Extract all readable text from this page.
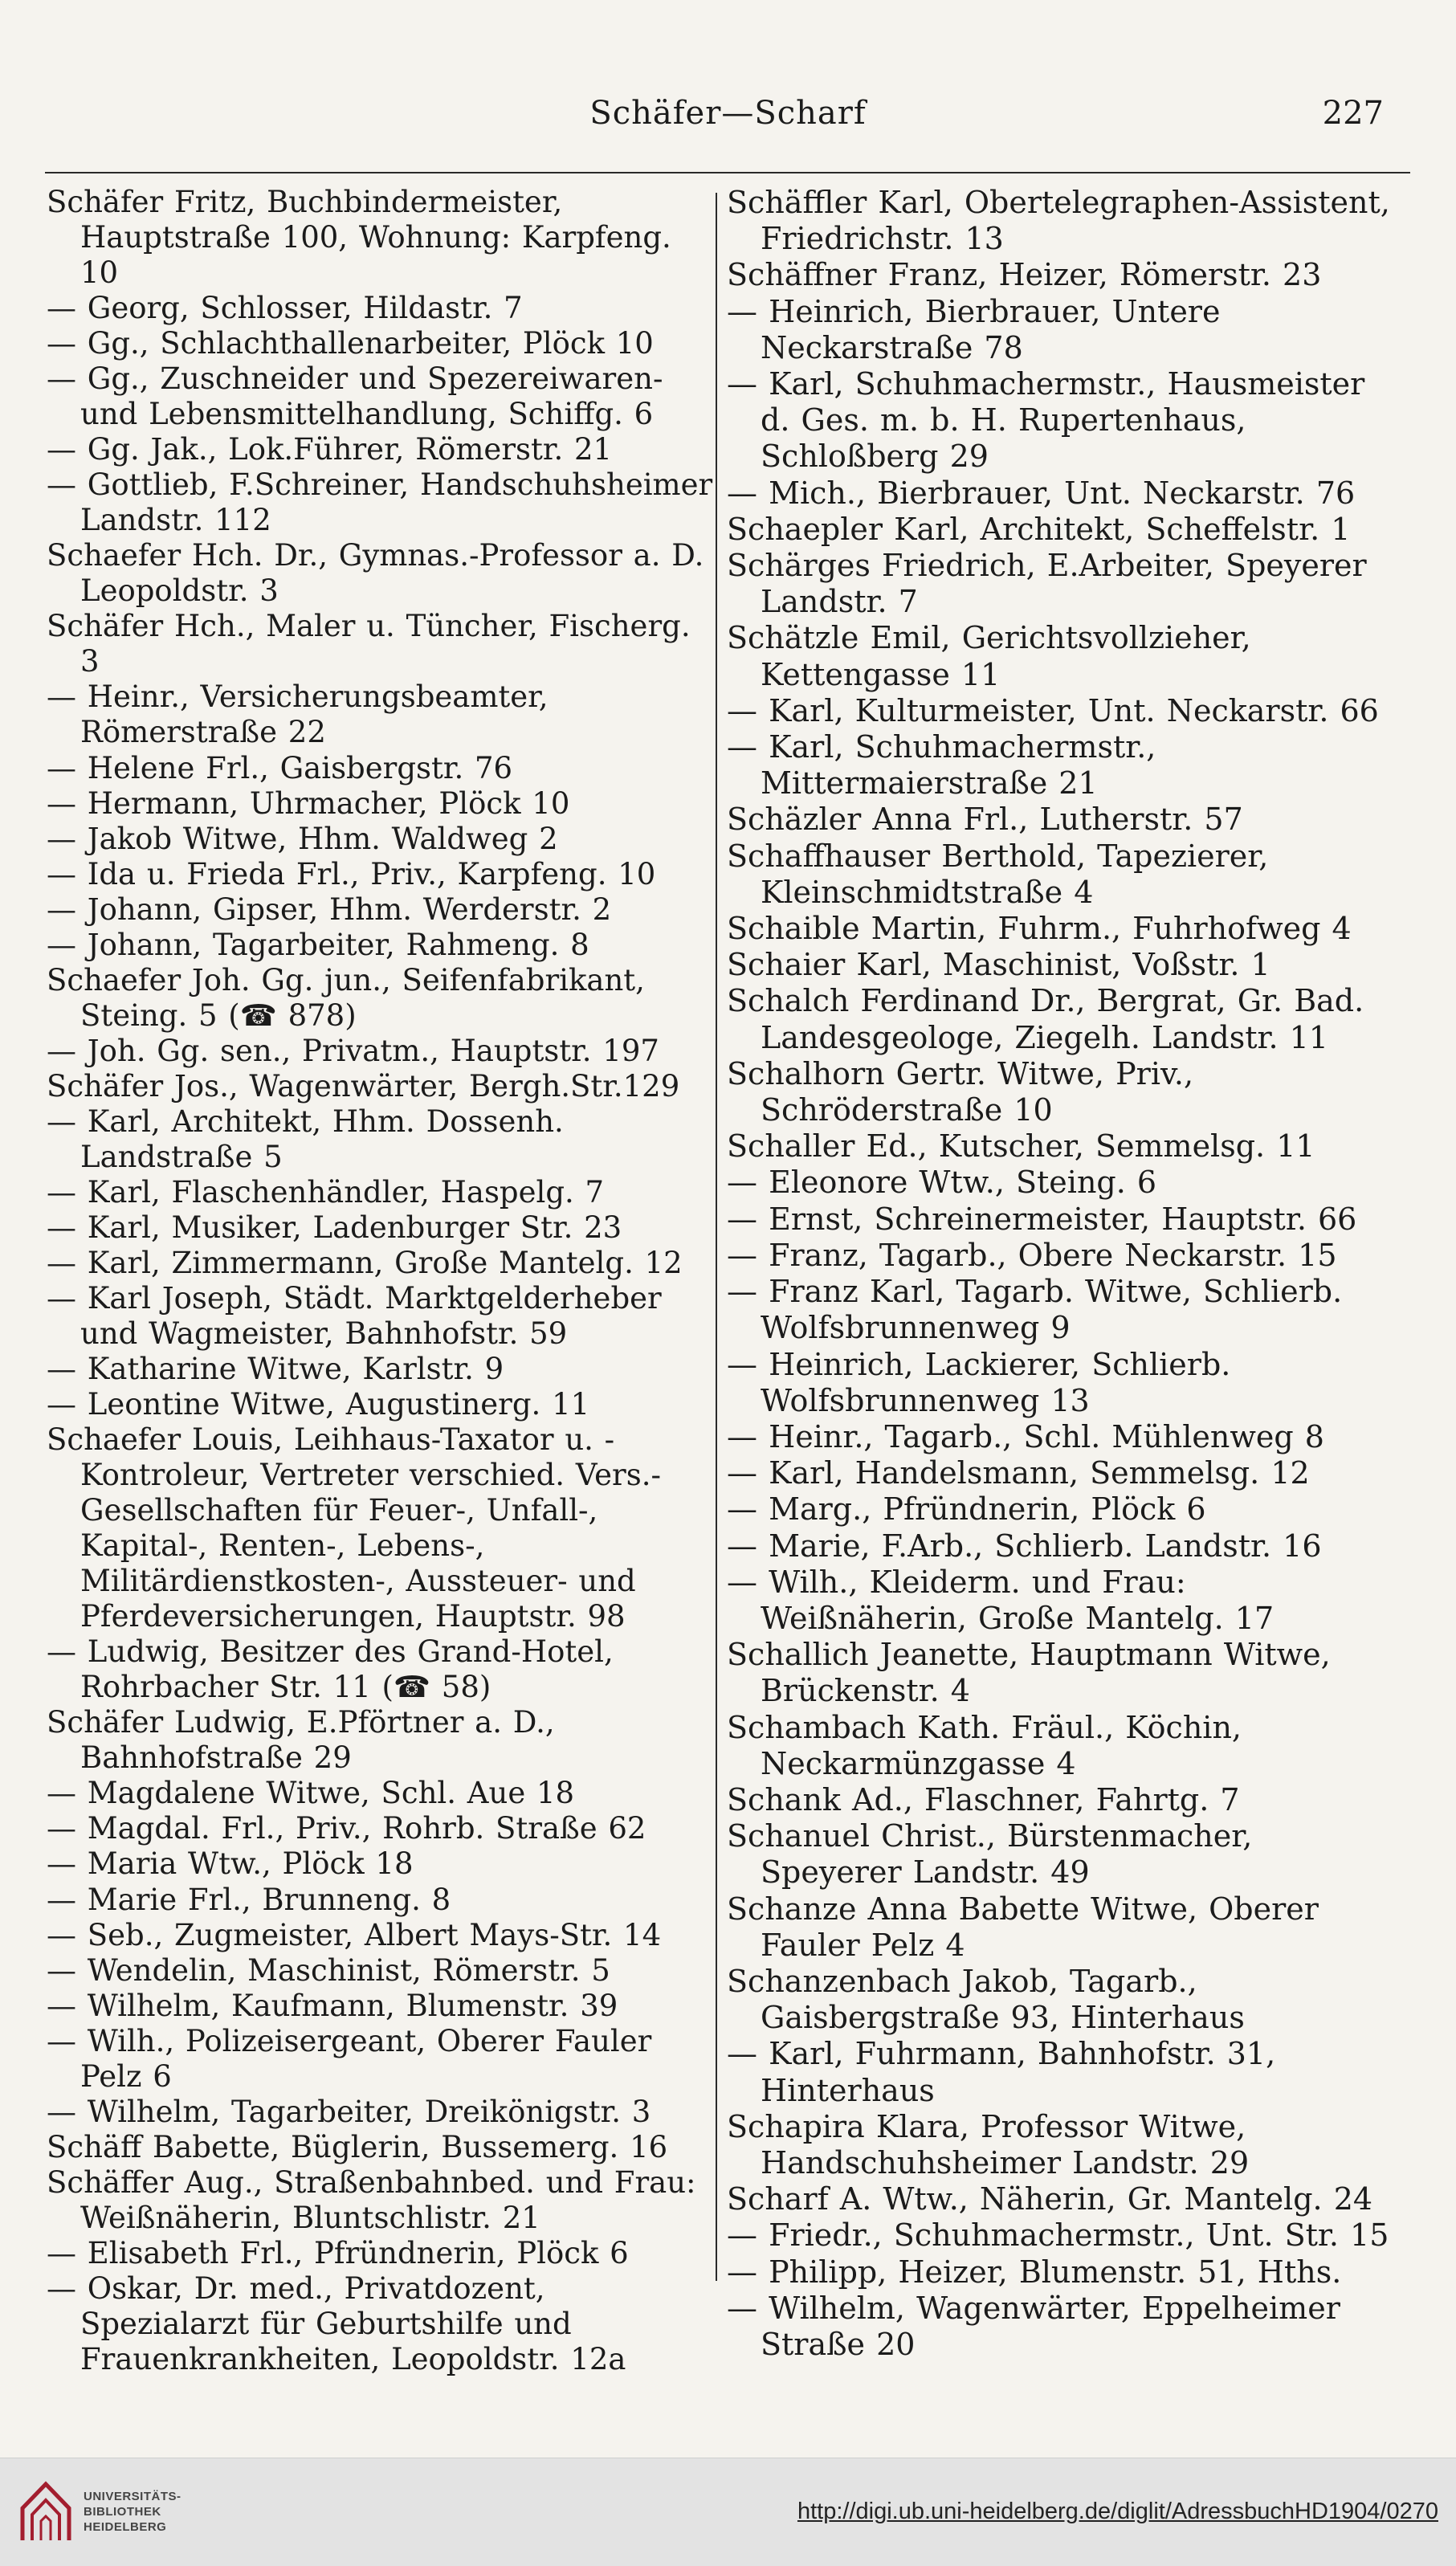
Schäfer—Scharf	227
Schäfer Fritz, Buchbindermeister, Hauptstraße 100, Wohnung: Karpfeng. 10
— Georg, Schlosser, Hildastr. 7
— Gg., Schlachthallenarbeiter, Plöck 10
— Gg., Zuschneider und Spezereiwaren- und Lebensmittelhandlung, Schiffg. 6
— Gg. Jak., Lok.Führer, Römerstr. 21
— Gottlieb, F.Schreiner, Handschuhsheimer Landstr. 112
Schaefer Hch. Dr., Gymnas.-Professor a. D. Leopoldstr. 3
Schäfer Hch., Maler u. Tüncher, Fischerg. 3
— Heinr., Versicherungsbeamter, Römerstraße 22
— Helene Frl., Gaisbergstr. 76
— Hermann, Uhrmacher, Plöck 10
— Jakob Witwe, Hhm. Waldweg 2
— Ida u. Frieda Frl., Priv., Karpfeng. 10
— Johann, Gipser, Hhm. Werderstr. 2
— Johann, Tagarbeiter, Rahmeng. 8
Schaefer Joh. Gg. jun., Seifenfabrikant, Steing. 5 (☎ 878)
— Joh. Gg. sen., Privatm., Hauptstr. 197
Schäfer Jos., Wagenwärter, Bergh.Str.129
— Karl, Architekt, Hhm. Dossenh. Landstraße 5
— Karl, Flaschenhändler, Haspelg. 7
— Karl, Musiker, Ladenburger Str. 23
— Karl, Zimmermann, Große Mantelg. 12
— Karl Joseph, Städt. Marktgelderheber und Wagmeister, Bahnhofstr. 59
— Katharine Witwe, Karlstr. 9
— Leontine Witwe, Augustinerg. 11
Schaefer Louis, Leihhaus-Taxator u. -Kontroleur, Vertreter verschied. Vers.-Gesellschaften für Feuer-, Unfall-, Kapital-, Renten-, Lebens-, Militärdienstkosten-, Aussteuer- und Pferdeversicherungen, Hauptstr. 98
— Ludwig, Besitzer des Grand-Hotel, Rohrbacher Str. 11 (☎ 58)
Schäfer Ludwig, E.Pförtner a. D., Bahnhofstraße 29
— Magdalene Witwe, Schl. Aue 18
— Magdal. Frl., Priv., Rohrb. Straße 62
— Maria Wtw., Plöck 18
— Marie Frl., Brunneng. 8
— Seb., Zugmeister, Albert Mays-Str. 14
— Wendelin, Maschinist, Römerstr. 5
— Wilhelm, Kaufmann, Blumenstr. 39
— Wilh., Polizeisergeant, Oberer Fauler Pelz 6
— Wilhelm, Tagarbeiter, Dreikönigstr. 3
Schäff Babette, Büglerin, Bussemerg. 16
Schäffer Aug., Straßenbahnbed. und Frau: Weißnäherin, Bluntschlistr. 21
— Elisabeth Frl., Pfründnerin, Plöck 6
— Oskar, Dr. med., Privatdozent, Spezialarzt für Geburtshilfe und Frauenkrankheiten, Leopoldstr. 12a
Schäffler Karl, Obertelegraphen-Assistent, Friedrichstr. 13
Schäffner Franz, Heizer, Römerstr. 23
— Heinrich, Bierbrauer, Untere Neckarstraße 78
— Karl, Schuhmachermstr., Hausmeister d. Ges. m. b. H. Rupertenhaus, Schloßberg 29
— Mich., Bierbrauer, Unt. Neckarstr. 76
Schaepler Karl, Architekt, Scheffelstr. 1
Schärges Friedrich, E.Arbeiter, Speyerer Landstr. 7
Schätzle Emil, Gerichtsvollzieher, Kettengasse 11
— Karl, Kulturmeister, Unt. Neckarstr. 66
— Karl, Schuhmachermstr., Mittermaierstraße 21
Schäzler Anna Frl., Lutherstr. 57
Schaffhauser Berthold, Tapezierer, Kleinschmidtstraße 4
Schaible Martin, Fuhrm., Fuhrhofweg 4
Schaier Karl, Maschinist, Voßstr. 1
Schalch Ferdinand Dr., Bergrat, Gr. Bad. Landesgeologe, Ziegelh. Landstr. 11
Schalhorn Gertr. Witwe, Priv., Schröderstraße 10
Schaller Ed., Kutscher, Semmelsg. 11
— Eleonore Wtw., Steing. 6
— Ernst, Schreinermeister, Hauptstr. 66
— Franz, Tagarb., Obere Neckarstr. 15
— Franz Karl, Tagarb. Witwe, Schlierb. Wolfsbrunnenweg 9
— Heinrich, Lackierer, Schlierb. Wolfsbrunnenweg 13
— Heinr., Tagarb., Schl. Mühlenweg 8
— Karl, Handelsmann, Semmelsg. 12
— Marg., Pfründnerin, Plöck 6
— Marie, F.Arb., Schlierb. Landstr. 16
— Wilh., Kleiderm. und Frau: Weißnäherin, Große Mantelg. 17
Schallich Jeanette, Hauptmann Witwe, Brückenstr. 4
Schambach Kath. Fräul., Köchin, Neckarmünzgasse 4
Schank Ad., Flaschner, Fahrtg. 7
Schanuel Christ., Bürstenmacher, Speyerer Landstr. 49
Schanze Anna Babette Witwe, Oberer Fauler Pelz 4
Schanzenbach Jakob, Tagarb., Gaisbergstraße 93, Hinterhaus
— Karl, Fuhrmann, Bahnhofstr. 31, Hinterhaus
Schapira Klara, Professor Witwe, Handschuhsheimer Landstr. 29
Scharf A. Wtw., Näherin, Gr. Mantelg. 24
— Friedr., Schuhmachermstr., Unt. Str. 15
— Philipp, Heizer, Blumenstr. 51, Hths.
— Wilhelm, Wagenwärter, Eppelheimer Straße 20
UNIVERSITÄTS-
BIBLIOTHEK
HEIDELBERG
http://digi.ub.uni-heidelberg.de/diglit/AdressbuchHD1904/0270
